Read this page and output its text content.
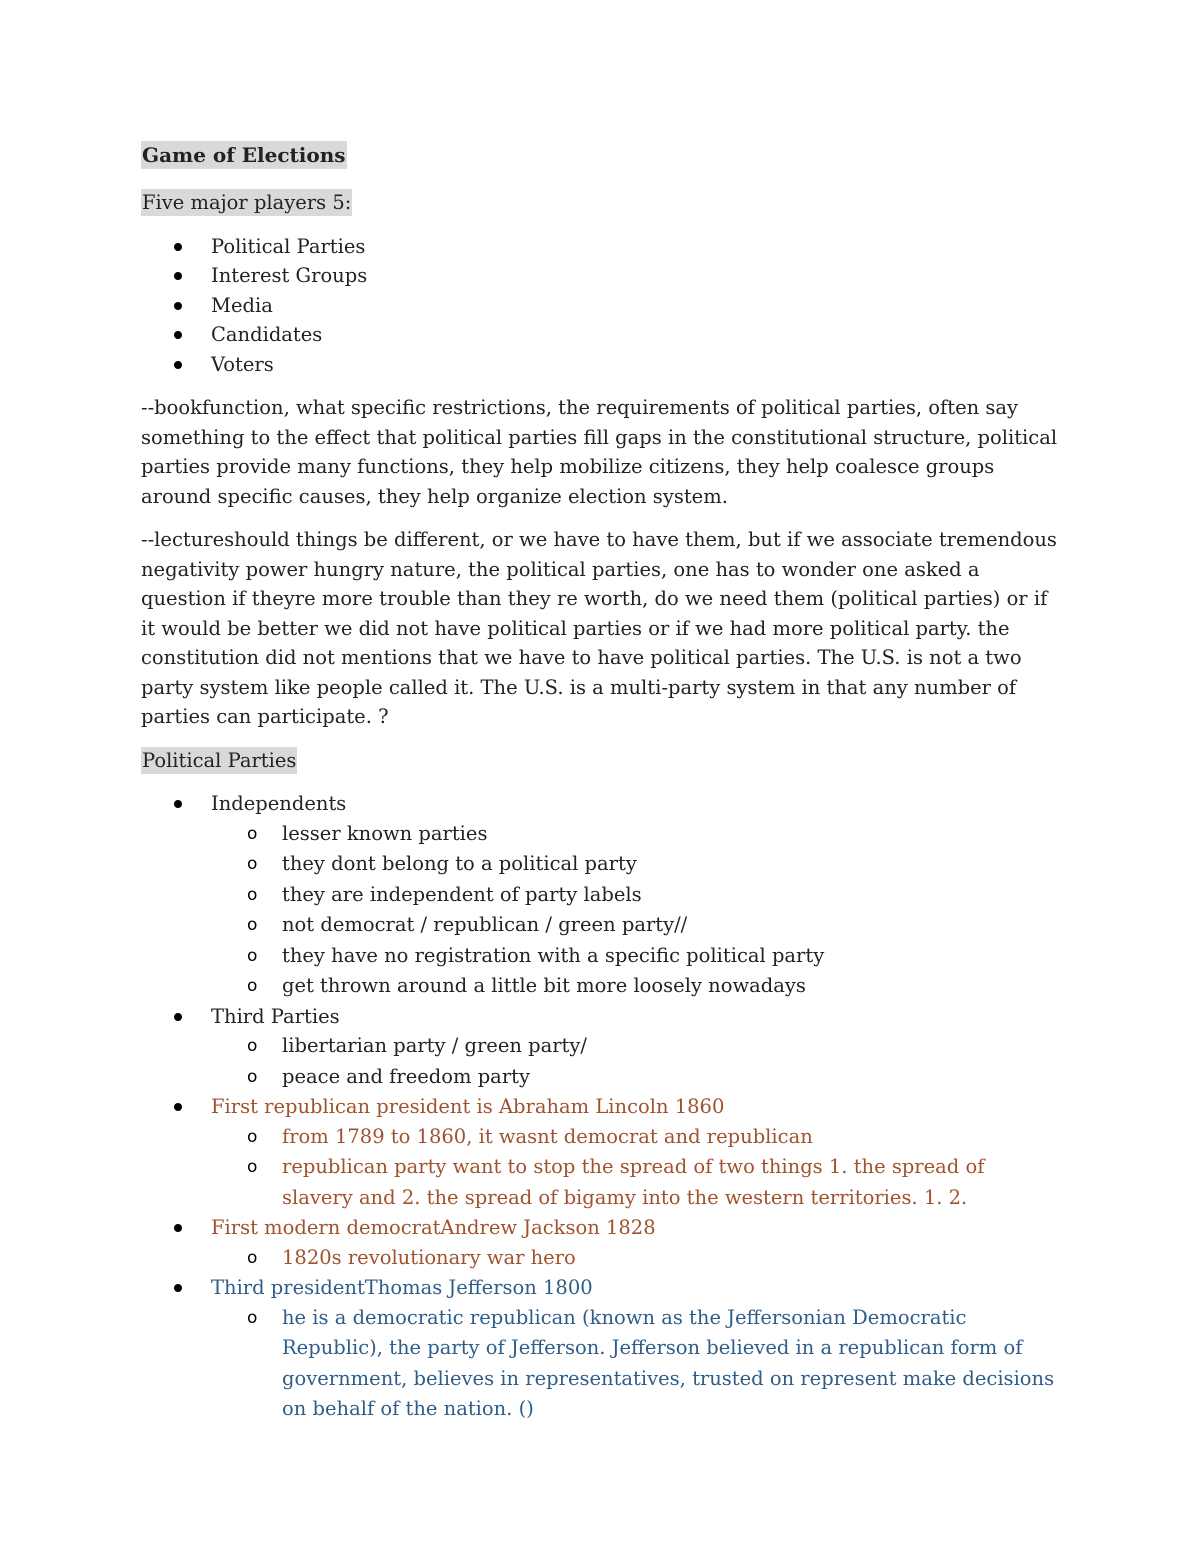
Game of Elections

Five major players 5:

Political Parties
Interest Groups
Media
Candidates
Voters

--bookfunction, what specific restrictions, the requirements of political parties, often say something to the effect that political parties fill gaps in the constitutional structure, political parties provide many functions, they help mobilize citizens, they help coalesce groups around specific causes, they help organize election system.

--lectureshould things be different, or we have to have them, but if we associate tremendous negativity power hungry nature, the political parties, one has to wonder one asked a question if theyre more trouble than they re worth, do we need them (political parties) or if it would be better we did not have political parties or if we had more political party. the constitution did not mentions that we have to have political parties. The U.S. is not a two party system like people called it. The U.S. is a multi-party system in that any number of parties can participate. ?

Political Parties

Independents
o lesser known parties
o they dont belong to a political party
o they are independent of party labels
o not democrat / republican / green party//
o they have no registration with a specific political party
o get thrown around a little bit more loosely nowadays
Third Parties
o libertarian party / green party/
o peace and freedom party
First republican president is Abraham Lincoln 1860
o from 1789 to 1860, it wasnt democrat and republican
o republican party want to stop the spread of two things 1. the spread of slavery and 2. the spread of bigamy into the western territories. 1. 2.
First modern democratAndrew Jackson 1828
o 1820s revolutionary war hero
Third presidentThomas Jefferson 1800
o he is a democratic republican (known as the Jeffersonian Democratic Republic), the party of Jefferson. Jefferson believed in a republican form of government, believes in representatives, trusted on represent make decisions on behalf of the nation. ()
